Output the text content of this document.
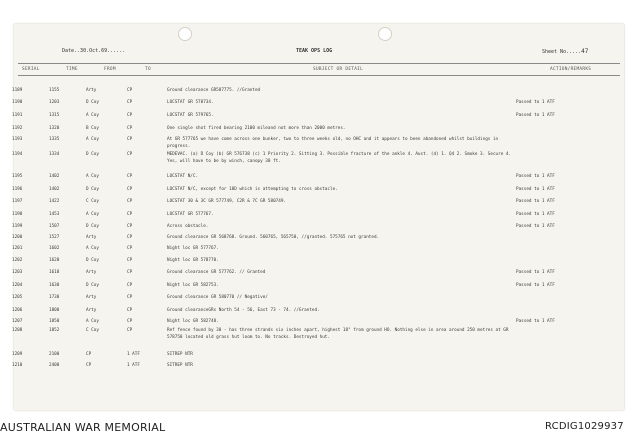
Date..30.Oct.69......	TEAK OPS LOG	Sheet No.....47
SERIAL	TIME	FROM	TO	SUBJECT OR DETAIL	ACTION/REMARKS
1189	1155	Arty	CP	Ground clearance GR587775. //Granted
1190	1203	D Coy	CP	LOCSTAT GR 578734.	Passed to 1 ATF
1191	1315	A Coy	CP	LOCSTAT GR 579765.	Passed to 1 ATF
1192	1320	B Coy	CP	One single shot fired bearing 2100 mileand not more than 2000 metres.
1193	1335	A Coy	CP	At GR 577765 we have come across one bunker, two to three weeks old, no OHC and it appears to been abandoned whilst buildings in progress.
1194	1334	D Coy	CP	MEDEVAC. (a) D Coy (b) GR 576738 (c) 1 Priority 2. Sitting 3. Possible fracture of the ankle 4. Aust. (d) 1. Q4 2. Smoke 3. Secure 4. Yes, will have to be by winch, canopy 30 ft.
1195	1402	A Coy	CP	LOCSTAT N/C.	Passed to 1 ATF
1196	1402	D Coy	CP	LOCSTAT N/C, except for 18D which is attempting to cross obstacle.	Passed to 1 ATF
1197	1422	C Coy	CP	LOCSTAT 30 & 3C GR 577749, C2R & 7C GR 580749.	Passed to 1 ATF
1198	1453	A Coy	CP	LOCSTAT GR 577767.	Passed to 1 ATF
1199	1507	D Coy	CP	Across obstacle.	Passed to 1 ATF
1200	1527	Arty	CP	Ground clearance GR 568768. Ground. 560765, 565750, //granted. 575765 not granted.
1201	1602	A Coy	CP	Night loc GR 577767.
1202	1620	D Coy	CP	Night loc GR 578770.
1203	1618	Arty	CP	Ground clearance GR 577762. // Granted	Passed to 1 ATF
1204	1630	D Coy	CP	Night loc GR 582753.	Passed to 1 ATF
1205	1730	Arty	CP	Ground clearance GR 580770 // Negative/
1206	1800	Arty	CP	Ground clearanceGRs North 54 - 56, East 73 - 74. //Granted.
1207	1850	A Coy	CP	Night loc GR 582748.	Passed to 1 ATF
1208	1852	C Coy	CP	Ref fence found by 30 - has three strands six inches apart, highest 18" from ground HO. Nothing else in area around 250 metres at GR 578750 located old grass hut loom to. No tracks. Destroyed hut.
1209	2100	CP	1 ATF	SITREP NTR
1210	2400	CP	1 ATF	SITREP NTR
AUSTRALIAN WAR MEMORIAL	RCDIG1029937
